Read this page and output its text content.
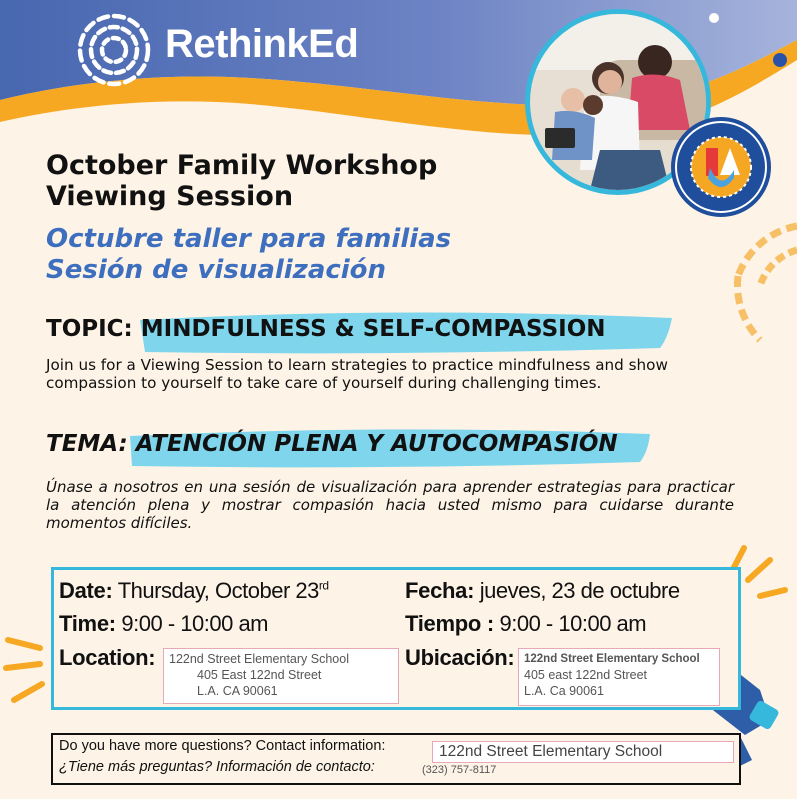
RethinkEd
October Family Workshop
Viewing Session
Octubre taller para familias
Sesión de visualización
TOPIC: MINDFULNESS & SELF-COMPASSION
Join us for a Viewing Session to learn strategies to practice mindfulness and show compassion to yourself to take care of yourself during challenging times.
TEMA: ATENCIÓN PLENA Y AUTOCOMPASIÓN
Únase a nosotros en una sesión de visualización para aprender estrategias para practicar la atención plena y mostrar compasión hacia usted mismo para cuidarse durante momentos difíciles.
Date: Thursday, October 23rd
Time: 9:00 - 10:00 am
Location: 122nd Street Elementary School
405 East 122nd Street
L.A. CA 90061
Fecha: jueves, 23 de octubre
Tiempo : 9:00 - 10:00 am
Ubicación: 122nd Street Elementary School
405 east 122nd Street
L.A. Ca 90061
Do you have more questions? Contact information:
¿Tiene más preguntas? Información de contacto:
122nd Street Elementary School
(323) 757-8117
